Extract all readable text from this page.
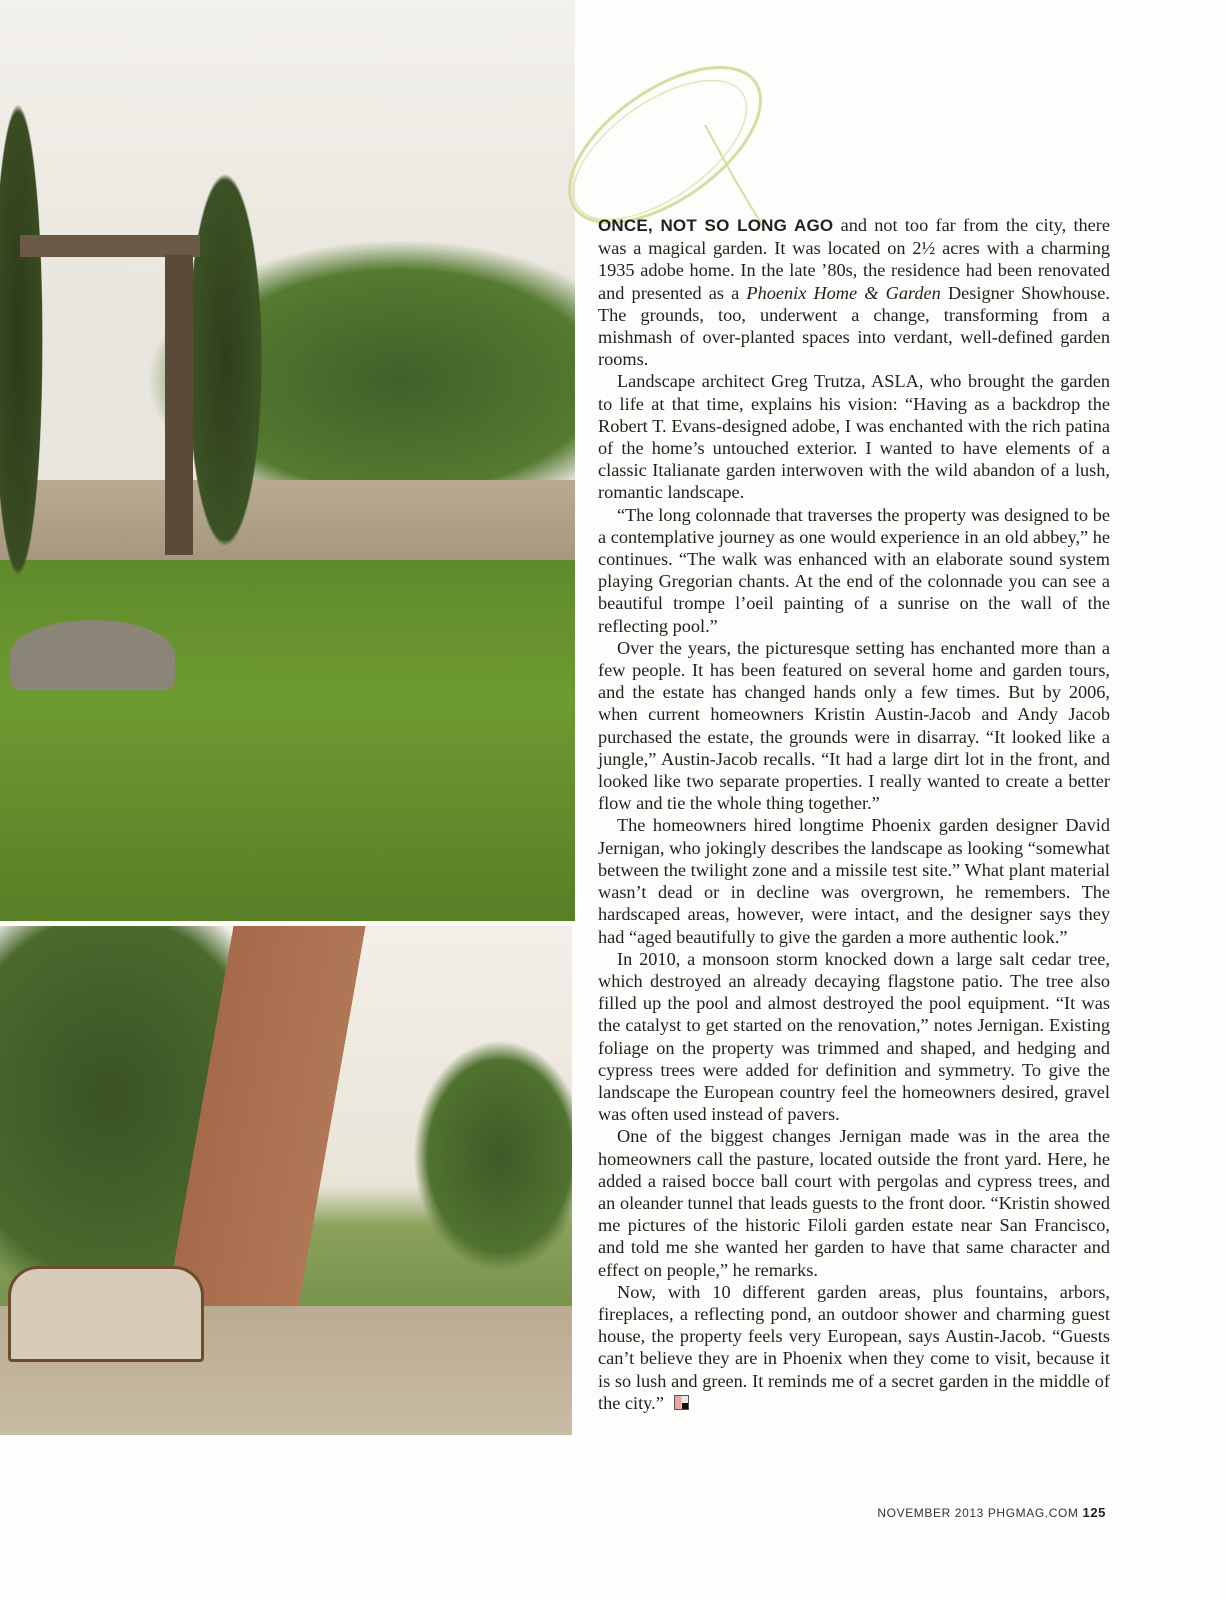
ONCE, NOT SO LONG AGO and not too far from the city, there was a magical garden. It was located on 2½ acres with a charming 1935 adobe home. In the late ’80s, the residence had been renovated and presented as a Phoenix Home & Garden Designer Showhouse. The grounds, too, underwent a change, transforming from a mishmash of over-planted spaces into verdant, well-defined garden rooms.

Landscape architect Greg Trutza, ASLA, who brought the garden to life at that time, explains his vision: “Having as a backdrop the Robert T. Evans-designed adobe, I was enchanted with the rich patina of the home’s untouched exterior. I wanted to have elements of a classic Italianate garden interwoven with the wild abandon of a lush, romantic landscape.

“The long colonnade that traverses the property was designed to be a contemplative journey as one would experience in an old abbey,” he continues. “The walk was enhanced with an elaborate sound system playing Gregorian chants. At the end of the colonnade you can see a beautiful trompe l’oeil painting of a sunrise on the wall of the reflecting pool.”

Over the years, the picturesque setting has enchanted more than a few people. It has been featured on several home and garden tours, and the estate has changed hands only a few times. But by 2006, when current homeowners Kristin Austin-Jacob and Andy Jacob purchased the estate, the grounds were in disarray. “It looked like a jungle,” Austin-Jacob recalls. “It had a large dirt lot in the front, and looked like two separate properties. I really wanted to create a better flow and tie the whole thing together.”

The homeowners hired longtime Phoenix garden designer David Jernigan, who jokingly describes the landscape as looking “somewhat between the twilight zone and a missile test site.” What plant material wasn’t dead or in decline was overgrown, he remembers. The hardscaped areas, however, were intact, and the designer says they had “aged beautifully to give the garden a more authentic look.”

In 2010, a monsoon storm knocked down a large salt cedar tree, which destroyed an already decaying flagstone patio. The tree also filled up the pool and almost destroyed the pool equipment. “It was the catalyst to get started on the renovation,” notes Jernigan. Existing foliage on the property was trimmed and shaped, and hedging and cypress trees were added for definition and symmetry. To give the landscape the European country feel the homeowners desired, gravel was often used instead of pavers.

One of the biggest changes Jernigan made was in the area the homeowners call the pasture, located outside the front yard. Here, he added a raised bocce ball court with pergolas and cypress trees, and an oleander tunnel that leads guests to the front door. “Kristin showed me pictures of the historic Filoli garden estate near San Francisco, and told me she wanted her garden to have that same character and effect on people,” he remarks.

Now, with 10 different garden areas, plus fountains, arbors, fireplaces, a reflecting pond, an outdoor shower and charming guest house, the property feels very European, says Austin-Jacob. “Guests can’t believe they are in Phoenix when they come to visit, because it is so lush and green. It reminds me of a secret garden in the middle of the city.”

NOVEMBER 2013 PHGMAG.COM 125
